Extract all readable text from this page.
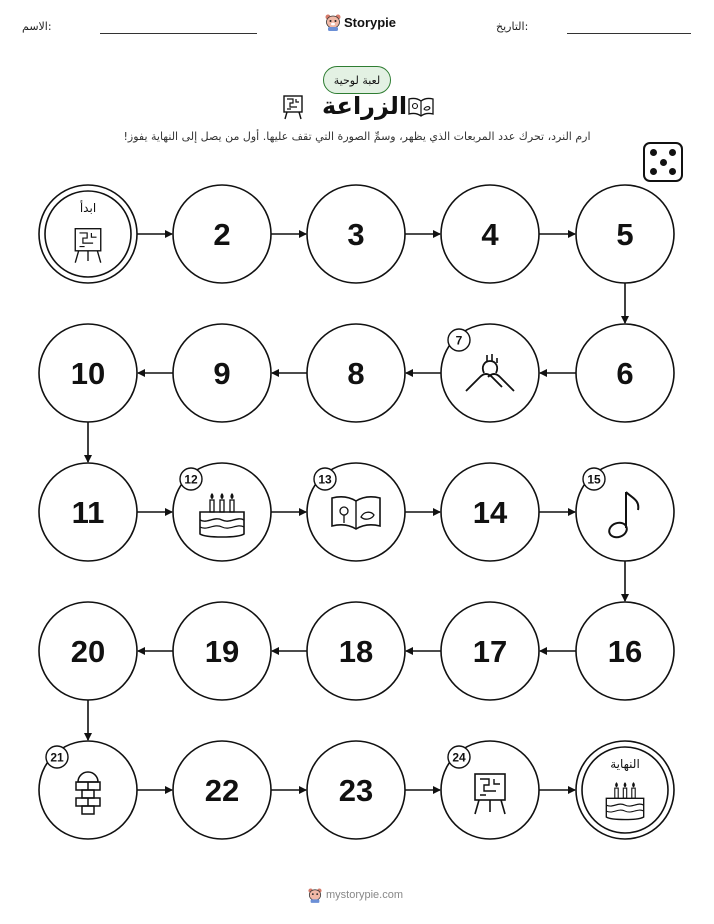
الاسم:	Storypie	التاريخ:
لعبة لوحية
الزراعة
ارم النرد، تحرك عدد المربعات الذي يظهر، وسمِّ الصورة التي تقف عليها. أول من يصل إلى النهاية يفوز!
ابدأ
2	3	4	5
6
7
8
9
10
11
12	13
14
15
16
17
18
19
20
21
22	23
24	النهاية
mystorypie.com
